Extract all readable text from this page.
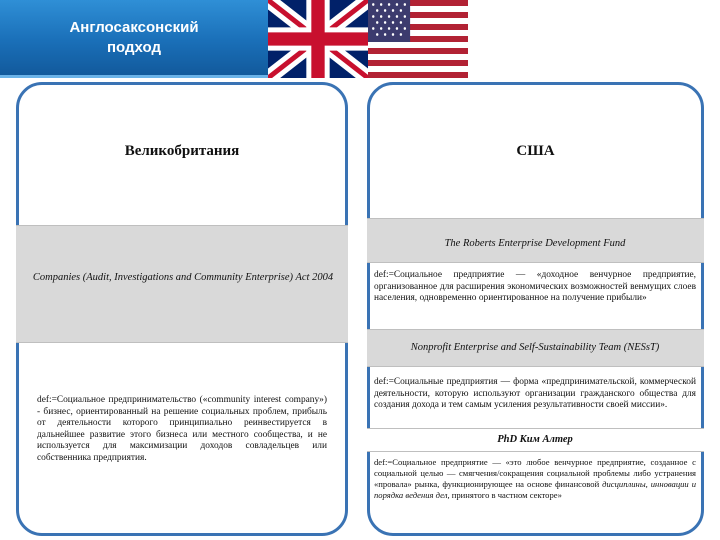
Англосаксонский
подход
Великобритания
Companies (Audit, Investigations and Community Enterprise) Act 2004
def:=Социальное предпринимательство («community interest company») - бизнес, ориентированный на решение социальных проблем, прибыль от деятельности которого принципиально реинвестируется в дальнейшее развитие этого бизнеса или местного сообщества, и не используется для максимизации доходов совладельцев или собственника предприятия.
США
The Roberts Enterprise Development Fund
def:=Социальное предприятие — «доходное венчурное предприятие, организованное для расширения экономических возможностей венмущих слоев населения, одновременно ориентированное на получение прибыли»
Nonprofit Enterprise and Self-Sustainability Team (NESsT)
def:=Социальные предприятия — форма «предпринимательской, коммерческой деятельности, которую используют организации гражданского общества для создания дохода и тем самым усиления результативности своей миссии».
PhD Ким Алтер
def:=Социальное предприятие — «это любое венчурное предприятие, созданное с социальной целью — смягчения/сокращения социальной проблемы либо устранения «провала» рынка, функционирующее на основе финансовой дисциплины, инновации и порядка ведения дел, принятого в частном секторе»
